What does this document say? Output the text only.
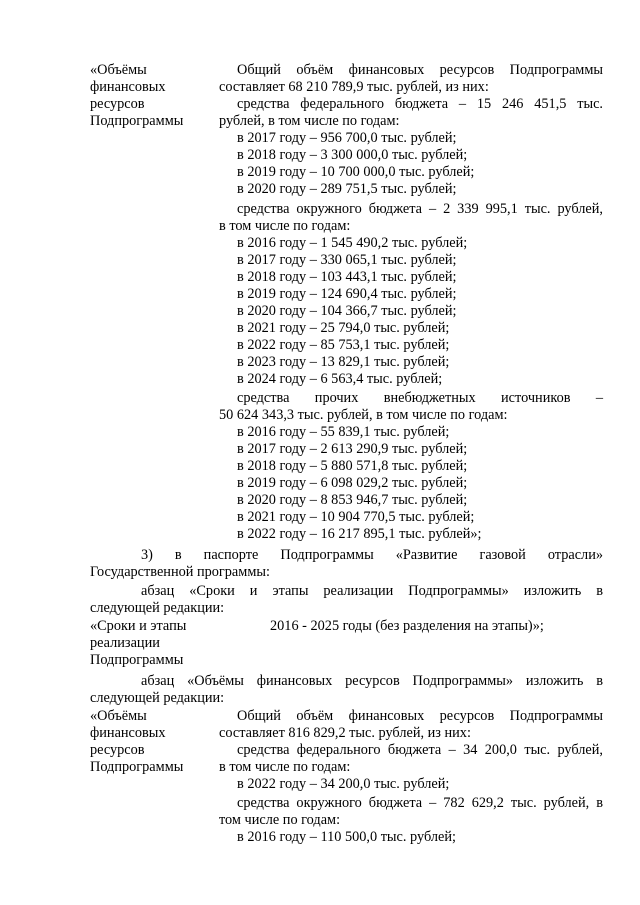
«Объёмы
финансовых
ресурсов
Подпрограммы
Общий объём финансовых ресурсов Подпрограммы
составляет 68 210 789,9 тыс. рублей, из них:
средства федерального бюджета – 15 246 451,5 тыс.
рублей, в том числе по годам:
в 2017 году – 956 700,0 тыс. рублей;
в 2018 году – 3 300 000,0 тыс. рублей;
в 2019 году – 10 700 000,0 тыс. рублей;
в 2020 году – 289 751,5 тыс. рублей;
средства окружного бюджета – 2 339 995,1 тыс. рублей,
в том числе по годам:
в 2016 году – 1 545 490,2 тыс. рублей;
в 2017 году – 330 065,1 тыс. рублей;
в 2018 году – 103 443,1 тыс. рублей;
в 2019 году – 124 690,4 тыс. рублей;
в 2020 году – 104 366,7 тыс. рублей;
в 2021 году – 25 794,0 тыс. рублей;
в 2022 году – 85 753,1 тыс. рублей;
в 2023 году – 13 829,1 тыс. рублей;
в 2024 году – 6 563,4 тыс. рублей;
средства прочих внебюджетных источников –
50 624 343,3 тыс. рублей, в том числе по годам:
в 2016 году – 55 839,1 тыс. рублей;
в 2017 году – 2 613 290,9 тыс. рублей;
в 2018 году – 5 880 571,8 тыс. рублей;
в 2019 году – 6 098 029,2 тыс. рублей;
в 2020 году – 8 853 946,7 тыс. рублей;
в 2021 году – 10 904 770,5 тыс. рублей;
в 2022 году – 16 217 895,1 тыс. рублей»;
3) в паспорте Подпрограммы «Развитие газовой отрасли»
Государственной программы:
абзац «Сроки и этапы реализации Подпрограммы» изложить в
следующей редакции:
«Сроки и этапы
реализации
Подпрограммы
2016 - 2025 годы (без разделения на этапы)»;
абзац «Объёмы финансовых ресурсов Подпрограммы» изложить в
следующей редакции:
«Объёмы
финансовых
ресурсов
Подпрограммы
Общий объём финансовых ресурсов Подпрограммы
составляет 816 829,2 тыс. рублей, из них:
средства федерального бюджета – 34 200,0 тыс. рублей,
в том числе по годам:
в 2022 году – 34 200,0 тыс. рублей;
средства окружного бюджета – 782 629,2 тыс. рублей, в
том числе по годам:
в 2016 году – 110 500,0 тыс. рублей;
